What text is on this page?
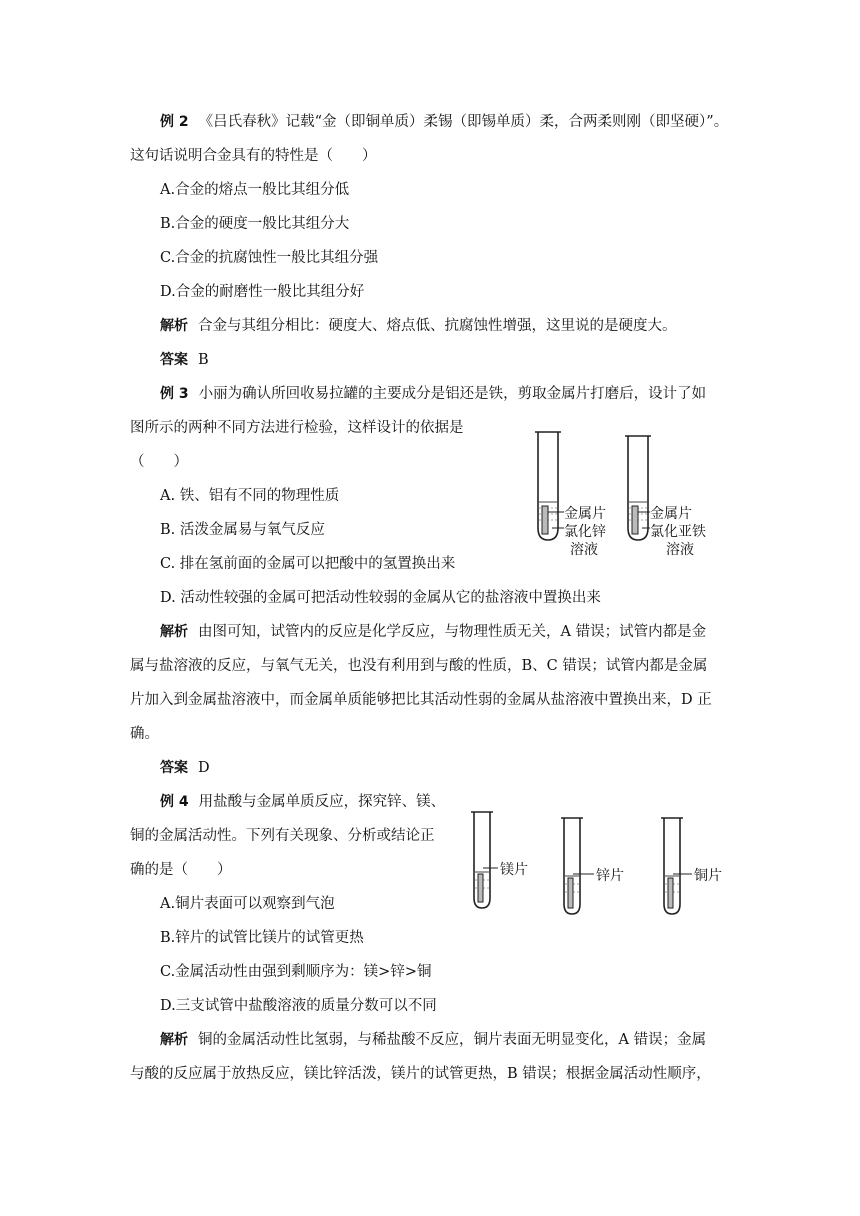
例 2 《吕氏春秋》记载“金（即铜单质）柔锡（即锡单质）柔，合两柔则刚（即坚硬）”。
这句话说明合金具有的特性是（　　）
A.合金的熔点一般比其组分低
B.合金的硬度一般比其组分大
C.合金的抗腐蚀性一般比其组分强
D.合金的耐磨性一般比其组分好
解析 合金与其组分相比：硬度大、熔点低、抗腐蚀性增强，这里说的是硬度大。
答案 B
例 3 小丽为确认所回收易拉罐的主要成分是铝还是铁，剪取金属片打磨后，设计了如
图所示的两种不同方法进行检验，这样设计的依据是
（　　）
A. 铁、铝有不同的物理性质
B. 活泼金属易与氧气反应
C. 排在氢前面的金属可以把酸中的氢置换出来
D. 活动性较强的金属可把活动性较弱的金属从它的盐溶液中置换出来
金属片
氯化锌
溶液
金属片
氯化亚铁
溶液
解析 由图可知，试管内的反应是化学反应，与物理性质无关，A 错误；试管内都是金
属与盐溶液的反应，与氧气无关，也没有利用到与酸的性质，B、C 错误；试管内都是金属
片加入到金属盐溶液中，而金属单质能够把比其活动性弱的金属从盐溶液中置换出来，D 正
确。
答案 D
例 4 用盐酸与金属单质反应，探究锌、镁、
铜的金属活动性。下列有关现象、分析或结论正
确的是（　　）
A.铜片表面可以观察到气泡
B.锌片的试管比镁片的试管更热
C.金属活动性由强到剩顺序为：镁>锌>铜
D.三支试管中盐酸溶液的质量分数可以不同
镁片	锌片	铜片
解析 铜的金属活动性比氢弱，与稀盐酸不反应，铜片表面无明显变化，A 错误；金属
与酸的反应属于放热反应，镁比锌活泼，镁片的试管更热，B 错误；根据金属活动性顺序，
